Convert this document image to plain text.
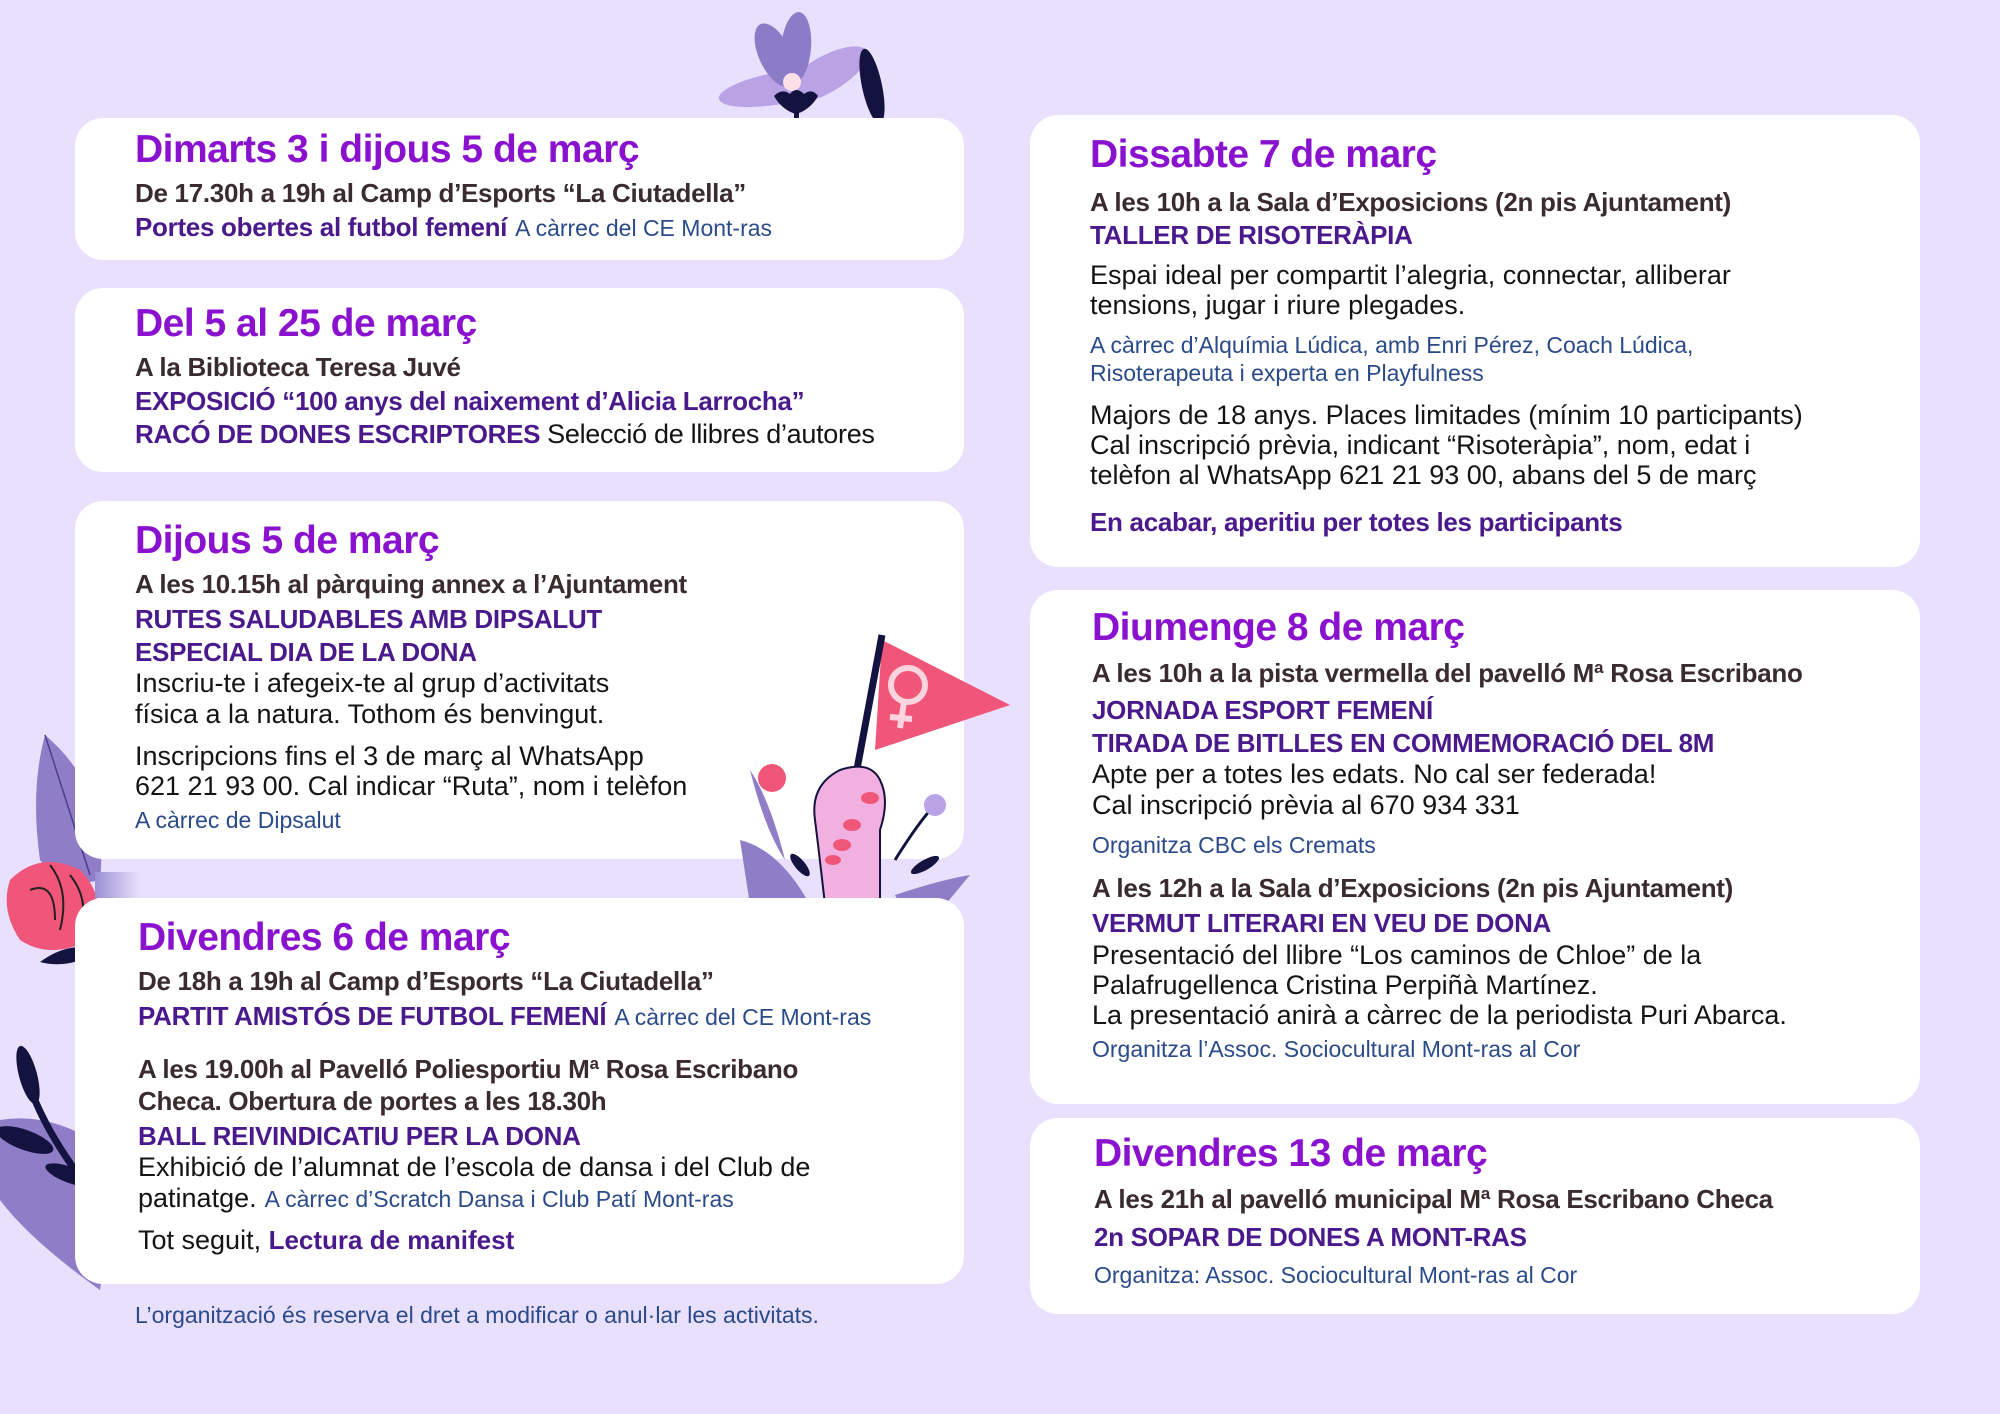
Dimarts 3 i dijous 5 de març
De 17.30h a 19h al Camp d’Esports “La Ciutadella”
Portes obertes al futbol femení A càrrec del CE Mont-ras
Del 5 al 25 de març
A la Biblioteca Teresa Juvé
EXPOSICIÓ “100 anys del naixement d’Alicia Larrocha”
RACÓ DE DONES ESCRIPTORES Selecció de llibres d’autores
Dijous 5 de març
A les 10.15h al pàrquing annex a l’Ajuntament
RUTES SALUDABLES AMB DIPSALUT
ESPECIAL DIA DE LA DONA
Inscriu-te i afegeix-te al grup d’activitats
física a la natura. Tothom és benvingut.
Inscripcions fins el 3 de març al WhatsApp
621 21 93 00. Cal indicar “Ruta”, nom i telèfon
A càrrec de Dipsalut
Divendres 6 de març
De 18h a 19h al Camp d’Esports “La Ciutadella”
PARTIT AMISTÓS DE FUTBOL FEMENÍ A càrrec del CE Mont-ras
A les 19.00h al Pavelló Poliesportiu Mª Rosa Escribano
Checa. Obertura de portes a les 18.30h
BALL REIVINDICATIU PER LA DONA
Exhibició de l’alumnat de l’escola de dansa i del Club de
patinatge. A càrrec d’Scratch Dansa i Club Patí Mont-ras
Tot seguit, Lectura de manifest
Dissabte 7 de març
A les 10h a la Sala d’Exposicions (2n pis Ajuntament)
TALLER DE RISOTERÀPIA
Espai ideal per compartit l’alegria, connectar, alliberar
tensions, jugar i riure plegades.
A càrrec d’Alquímia Lúdica, amb Enri Pérez, Coach Lúdica,
Risoterapeuta i experta en Playfulness
Majors de 18 anys. Places limitades (mínim 10 participants)
Cal inscripció prèvia, indicant “Risoteràpia”, nom, edat i
telèfon al WhatsApp 621 21 93 00, abans del 5 de març
En acabar, aperitiu per totes les participants
Diumenge 8 de març
A les 10h a la pista vermella del pavelló Mª Rosa Escribano
JORNADA ESPORT FEMENÍ
TIRADA DE BITLLES EN COMMEMORACIÓ DEL 8M
Apte per a totes les edats. No cal ser federada!
Cal inscripció prèvia al 670 934 331
Organitza CBC els Cremats
A les 12h a la Sala d’Exposicions (2n pis Ajuntament)
VERMUT LITERARI EN VEU DE DONA
Presentació del llibre “Los caminos de Chloe” de la
Palafrugellenca Cristina Perpiñà Martínez.
La presentació anirà a càrrec de la periodista Puri Abarca.
Organitza l’Assoc. Sociocultural Mont-ras al Cor
Divendres 13 de març
A les 21h al pavelló municipal Mª Rosa Escribano Checa
2n SOPAR DE DONES A MONT-RAS
Organitza: Assoc. Sociocultural Mont-ras al Cor
L’organització és reserva el dret a modificar o anul·lar les activitats.
